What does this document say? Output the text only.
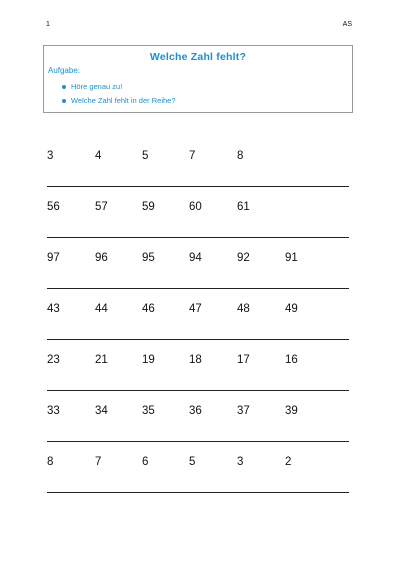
1	AS
Welche Zahl fehlt?
Aufgabe:
Höre genau zu!
Welche Zahl fehlt in der Reihe?
3	4	5	7	8
56	57	59	60	61
97	96	95	94	92	91
43	44	46	47	48	49
23	21	19	18	17	16
33	34	35	36	37	39
8	7	6	5	3	2
